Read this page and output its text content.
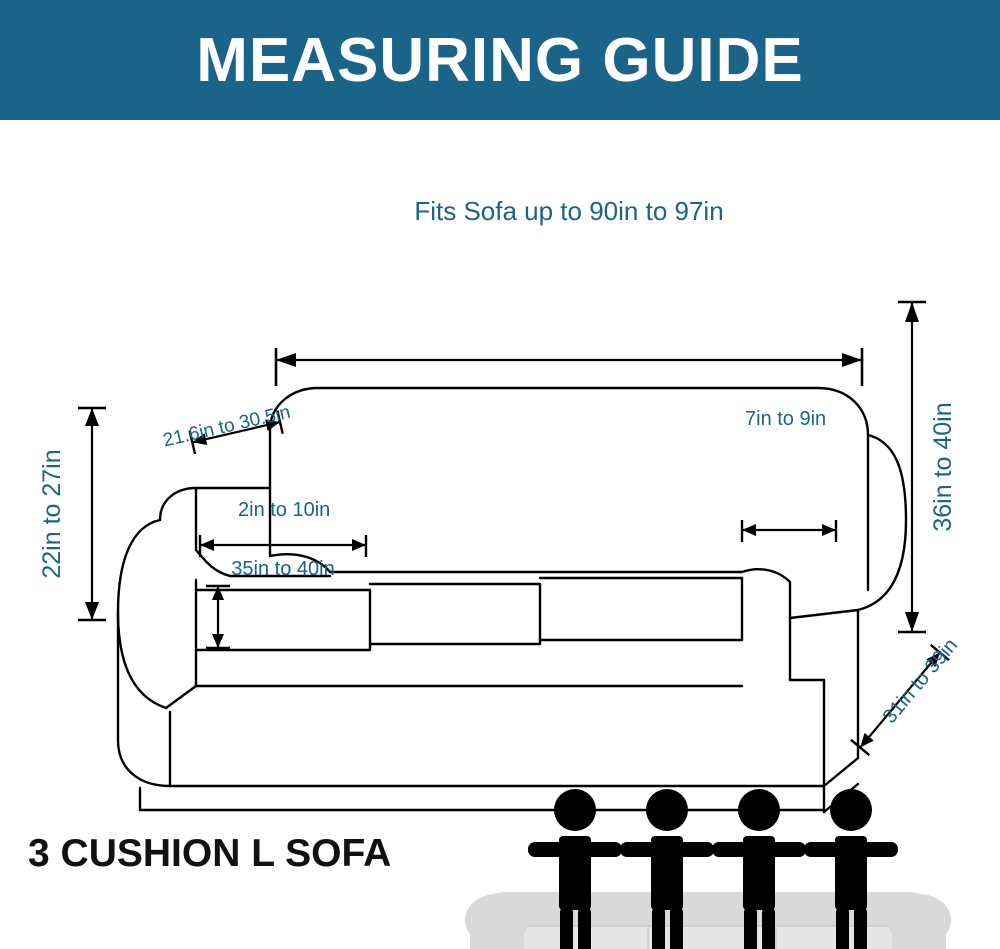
MEASURING GUIDE
Fits Sofa up to 90in to 97in
36in to 40in
22in to 27in
21.6in to 30.5in
2in to 10in
35in to 40in
7in to 9in
31in to 39in
3 CUSHION L SOFA
